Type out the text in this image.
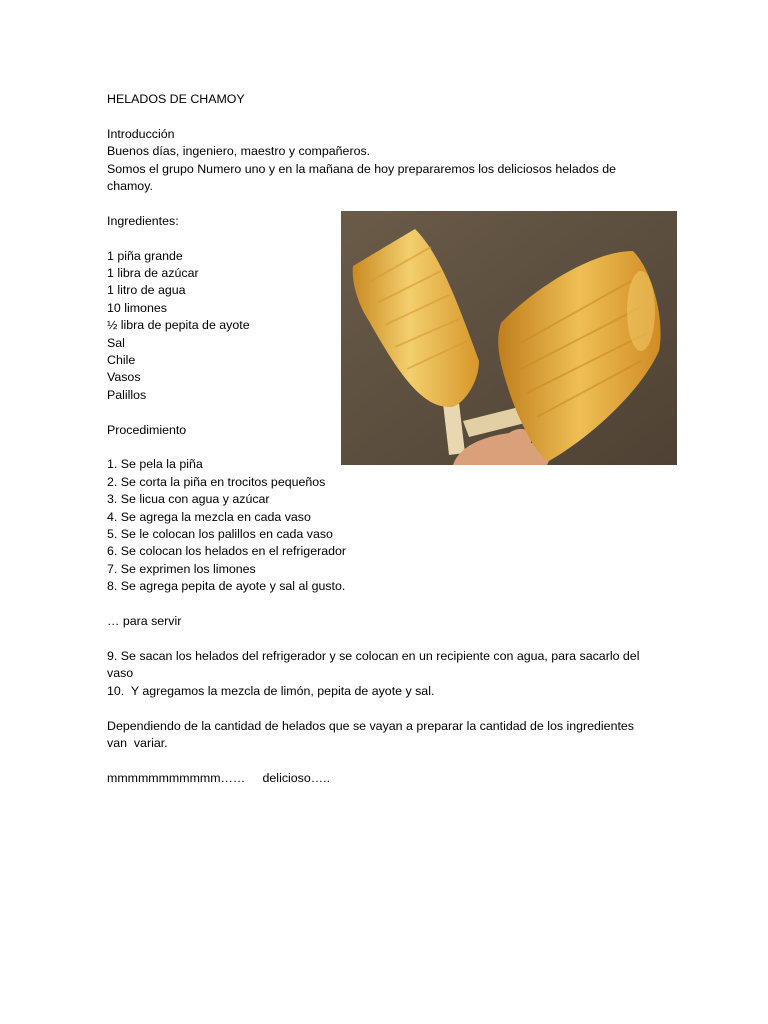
HELADOS DE CHAMOY

Introducción

Buenos días, ingeniero, maestro y compañeros.

Somos el grupo Numero uno y en la mañana de hoy prepararemos los deliciosos helados de

chamoy.

Ingredientes:

1 piña grande

1 libra de azúcar

1 litro de agua

10 limones

½ libra de pepita de ayote

Sal

Chile

Vasos

Palillos

Procedimiento

1. Se pela la piña

2. Se corta la piña en trocitos pequeños

3. Se licua con agua y azúcar

4. Se agrega la mezcla en cada vaso

5. Se le colocan los palillos en cada vaso

6. Se colocan los helados en el refrigerador

7. Se exprimen los limones

8. Se agrega pepita de ayote y sal al gusto.

… para servir

9. Se sacan los helados del refrigerador y se colocan en un recipiente con agua, para sacarlo del

vaso

10.  Y agregamos la mezcla de limón, pepita de ayote y sal.

Dependiendo de la cantidad de helados que se vayan a preparar la cantidad de los ingredientes

van  variar.

mmmmmmmmmmm……     delicioso…..
